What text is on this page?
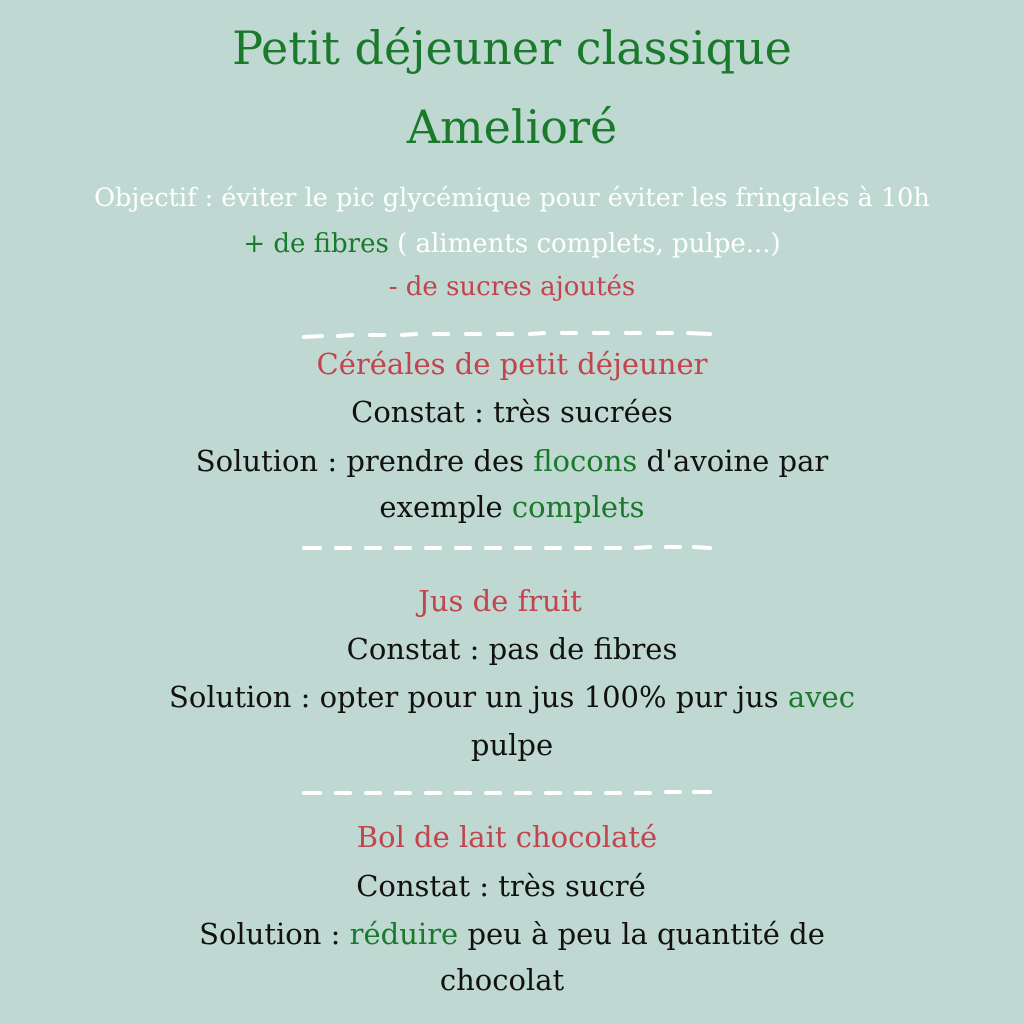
Petit déjeuner classique
Amelioré
Objectif : éviter le pic glycémique pour éviter les fringales à 10h
+ de fibres ( aliments complets, pulpe...)
- de sucres ajoutés
Céréales de petit déjeuner
Constat : très sucrées
Solution : prendre des flocons d'avoine par
exemple complets
Jus de fruit
Constat : pas de fibres
Solution : opter pour un jus 100% pur jus avec
pulpe
Bol de lait chocolaté
Constat : très sucré
Solution : réduire peu à peu la quantité de
chocolat
